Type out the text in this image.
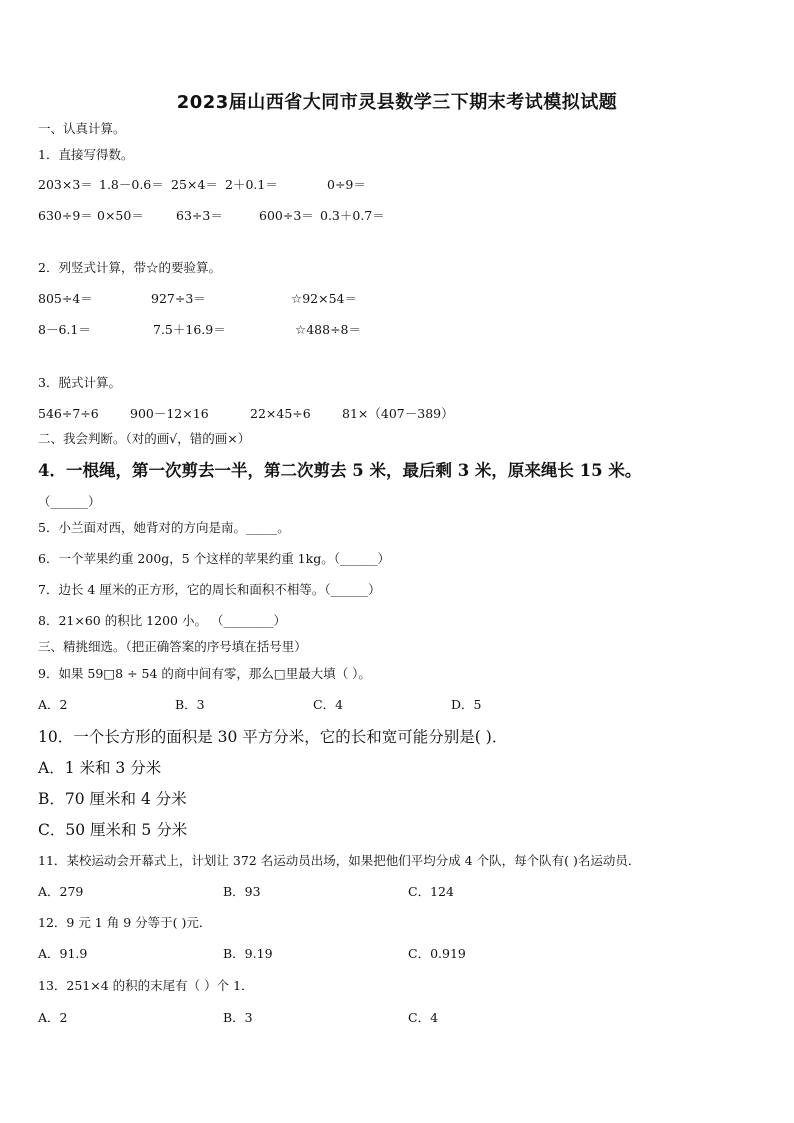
2023届山西省大同市灵县数学三下期末考试模拟试题
一、认真计算。
1．直接写得数。
203×3＝ 1.8－0.6＝ 25×4＝ 2＋0.1＝	0÷9＝
630÷9＝ 0×50＝	63÷3＝	600÷3＝ 0.3＋0.7＝
2．列竖式计算，带☆的要验算。
805÷4＝	927÷3＝	☆92×54＝
8－6.1＝	7.5＋16.9＝	☆488÷8＝
3．脱式计算。
546÷7÷6	900－12×16	22×45÷6	81×（407－389）
二、我会判断。（对的画√，错的画×）
4．一根绳，第一次剪去一半，第二次剪去 5 米，最后剩 3 米，原来绳长 15 米。
（______）
5．小兰面对西，她背对的方向是南。_____。
6．一个苹果约重 200g，5 个这样的苹果约重 1kg。（______）
7．边长 4 厘米的正方形，它的周长和面积不相等。（______）
8．21×60 的积比 1200 小。 （________）
三、精挑细选。（把正确答案的序号填在括号里）
9．如果 59□8 ÷ 54 的商中间有零，那么□里最大填（ ）。
A．2	B．3	C．4	D．5
10．一个长方形的面积是 30 平方分米，它的长和宽可能分别是( )．
A．1 米和 3 分米
B．70 厘米和 4 分米
C．50 厘米和 5 分米
11．某校运动会开幕式上，计划让 372 名运动员出场，如果把他们平均分成 4 个队，每个队有( )名运动员．
A．279	B．93	C．124
12．9 元 1 角 9 分等于( )元．
A．91.9	B．9.19	C．0.919
13．251×4 的积的末尾有（ ）个 1．
A．2	B．3	C．4
